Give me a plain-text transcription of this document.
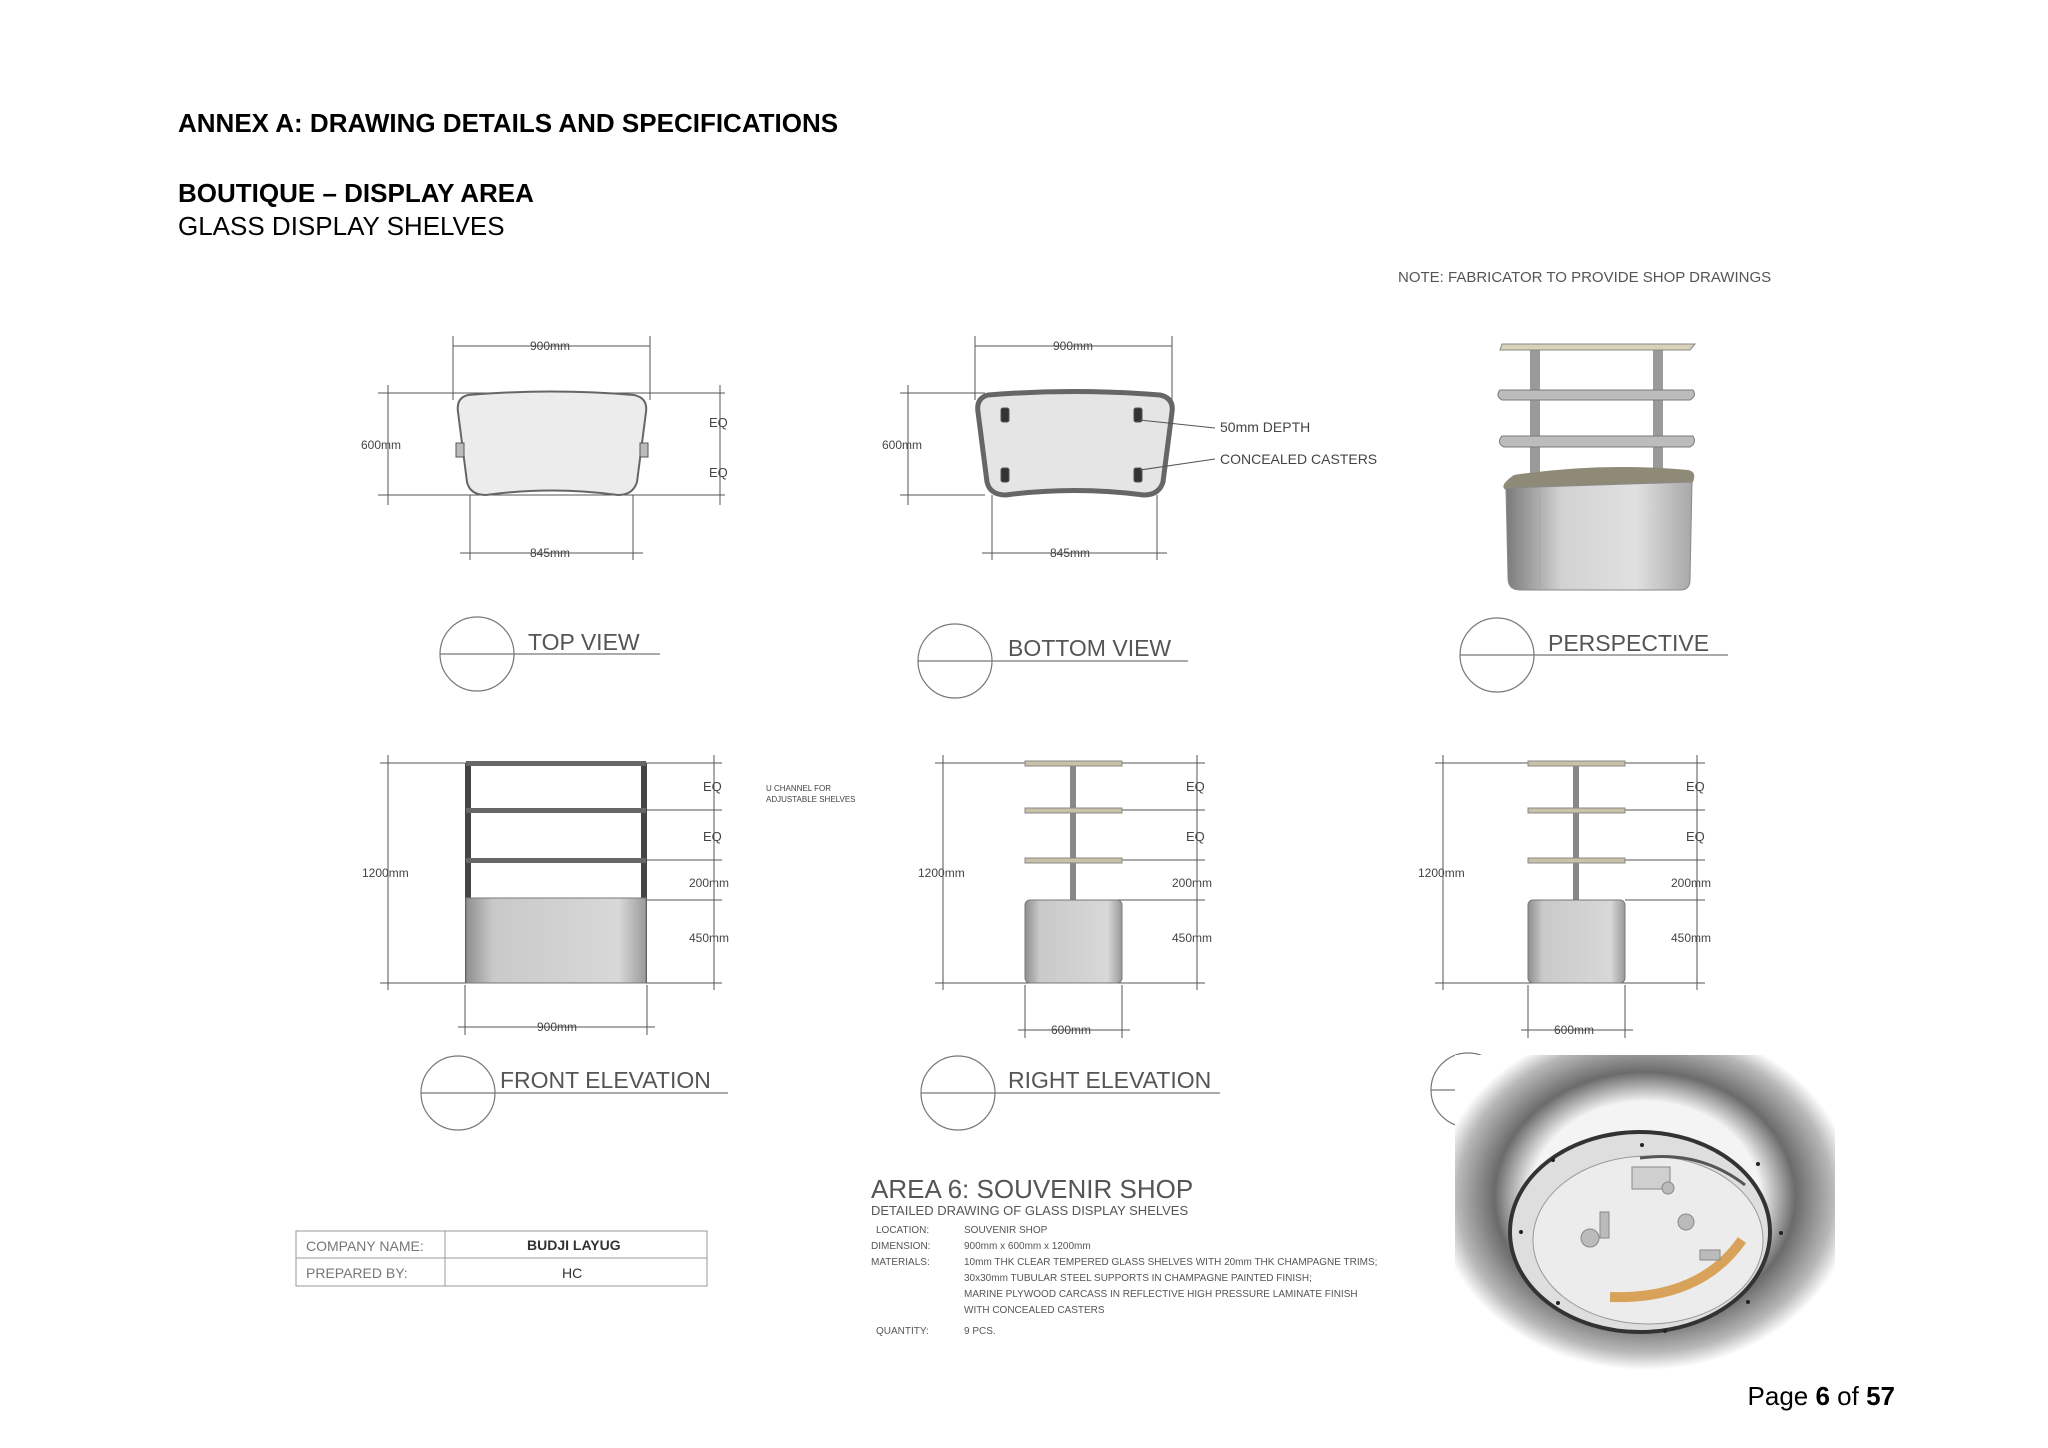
ANNEX A: DRAWING DETAILS AND SPECIFICATIONS
BOUTIQUE – DISPLAY AREA
GLASS DISPLAY SHELVES
NOTE: FABRICATOR TO PROVIDE SHOP DRAWINGS
900mm
600mm
845mm
EQ
EQ
TOP VIEW
900mm
600mm
845mm
50mm DEPTH
CONCEALED CASTERS
BOTTOM VIEW	PERSPECTIVE
1200mm
900mm
EQ
EQ
200mm
450mm
U CHANNEL FOR
ADJUSTABLE SHELVES
FRONT ELEVATION
1200mm
600mm
EQ
EQ
200mm
450mm
RIGHT ELEVATION
1200mm
600mm
EQ
EQ
200mm
450mm
COMPANY NAME:	BUDJI LAYUG
PREPARED BY:	HC
AREA 6: SOUVENIR SHOP
DETAILED DRAWING OF GLASS DISPLAY SHELVES
LOCATION:	SOUVENIR SHOP
DIMENSION:	900mm x 600mm x 1200mm
MATERIALS:	10mm THK CLEAR TEMPERED GLASS SHELVES WITH 20mm THK CHAMPAGNE TRIMS;
30x30mm TUBULAR STEEL SUPPORTS IN CHAMPAGNE PAINTED FINISH;
MARINE PLYWOOD CARCASS IN REFLECTIVE HIGH PRESSURE LAMINATE FINISH
WITH CONCEALED CASTERS
QUANTITY:	9 PCS.
Page 6 of 57
